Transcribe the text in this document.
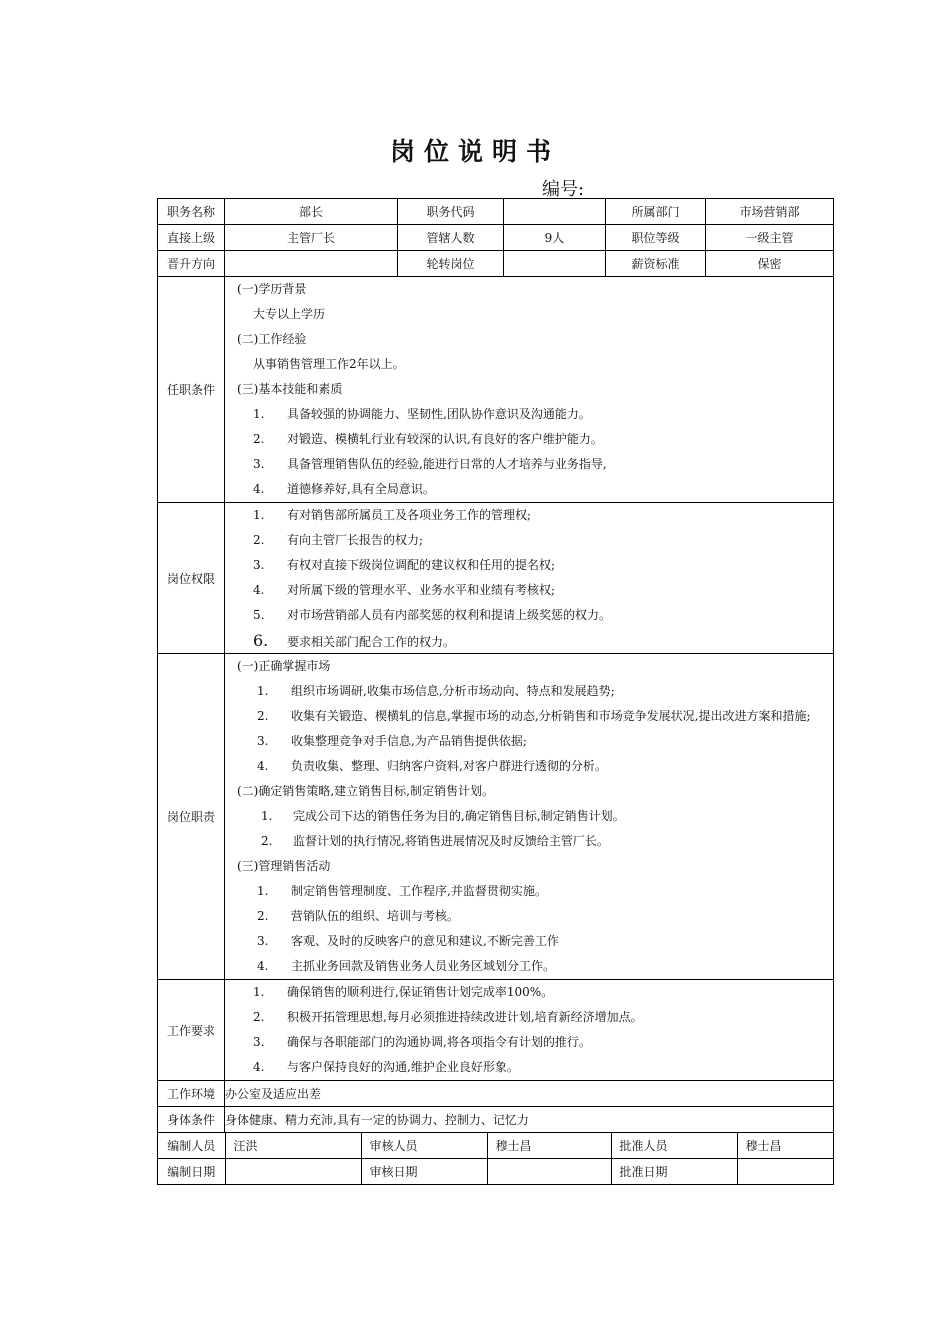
岗位说明书
编号:
职务名称	部长	职务代码		所属部门	市场营销部
直接上级	主管厂长	管辖人数	9人	职位等级	一级主管
晋升方向		轮转岗位		薪资标准	保密
任职条件	
(一)学历背景
大专以上学历
(二)工作经验
从事销售管理工作2年以上。
(三)基本技能和素质
1. 具备较强的协调能力、坚韧性,团队协作意识及沟通能力。
2. 对锻造、模横轧行业有较深的认识,有良好的客户维护能力。
3. 具备管理销售队伍的经验,能进行日常的人才培养与业务指导,
4. 道德修养好,具有全局意识。

岗位权限	
1. 有对销售部所属员工及各项业务工作的管理权;
2. 有向主管厂长报告的权力;
3. 有权对直接下级岗位调配的建议权和任用的提名权;
4. 对所属下级的管理水平、业务水平和业绩有考核权;
5. 对市场营销部人员有内部奖惩的权利和提请上级奖惩的权力。
6. 要求相关部门配合工作的权力。

岗位职责	
(一)正确掌握市场
1. 组织市场调研,收集市场信息,分析市场动向、特点和发展趋势;
2. 收集有关锻造、楔横轧的信息,掌握市场的动态,分析销售和市场竞争发展状况,提出改进方案和措施;
3. 收集整理竞争对手信息,为产品销售提供依据;
4. 负责收集、整理、归纳客户资料,对客户群进行透彻的分析。
(二)确定销售策略,建立销售目标,制定销售计划。
1. 完成公司下达的销售任务为目的,确定销售目标,制定销售计划。
2. 监督计划的执行情况,将销售进展情况及时反馈给主管厂长。
(三)管理销售活动
1. 制定销售管理制度、工作程序,并监督贯彻实施。
2. 营销队伍的组织、培训与考核。
3. 客观、及时的反映客户的意见和建议,不断完善工作
4. 主抓业务回款及销售业务人员业务区域划分工作。

工作要求	
1. 确保销售的顺利进行,保证销售计划完成率100%。
2. 积极开拓管理思想,每月必须推进持续改进计划,培育新经济增加点。
3. 确保与各职能部门的沟通协调,将各项指令有计划的推行。
4. 与客户保持良好的沟通,维护企业良好形象。

工作环境	办公室及适应出差
身体条件	身体健康、精力充沛,具有一定的协调力、控制力、记忆力

编制人员	汪洪	审核人员	穆士昌	批准人员	穆士昌
编制日期		审核日期		批准日期	
